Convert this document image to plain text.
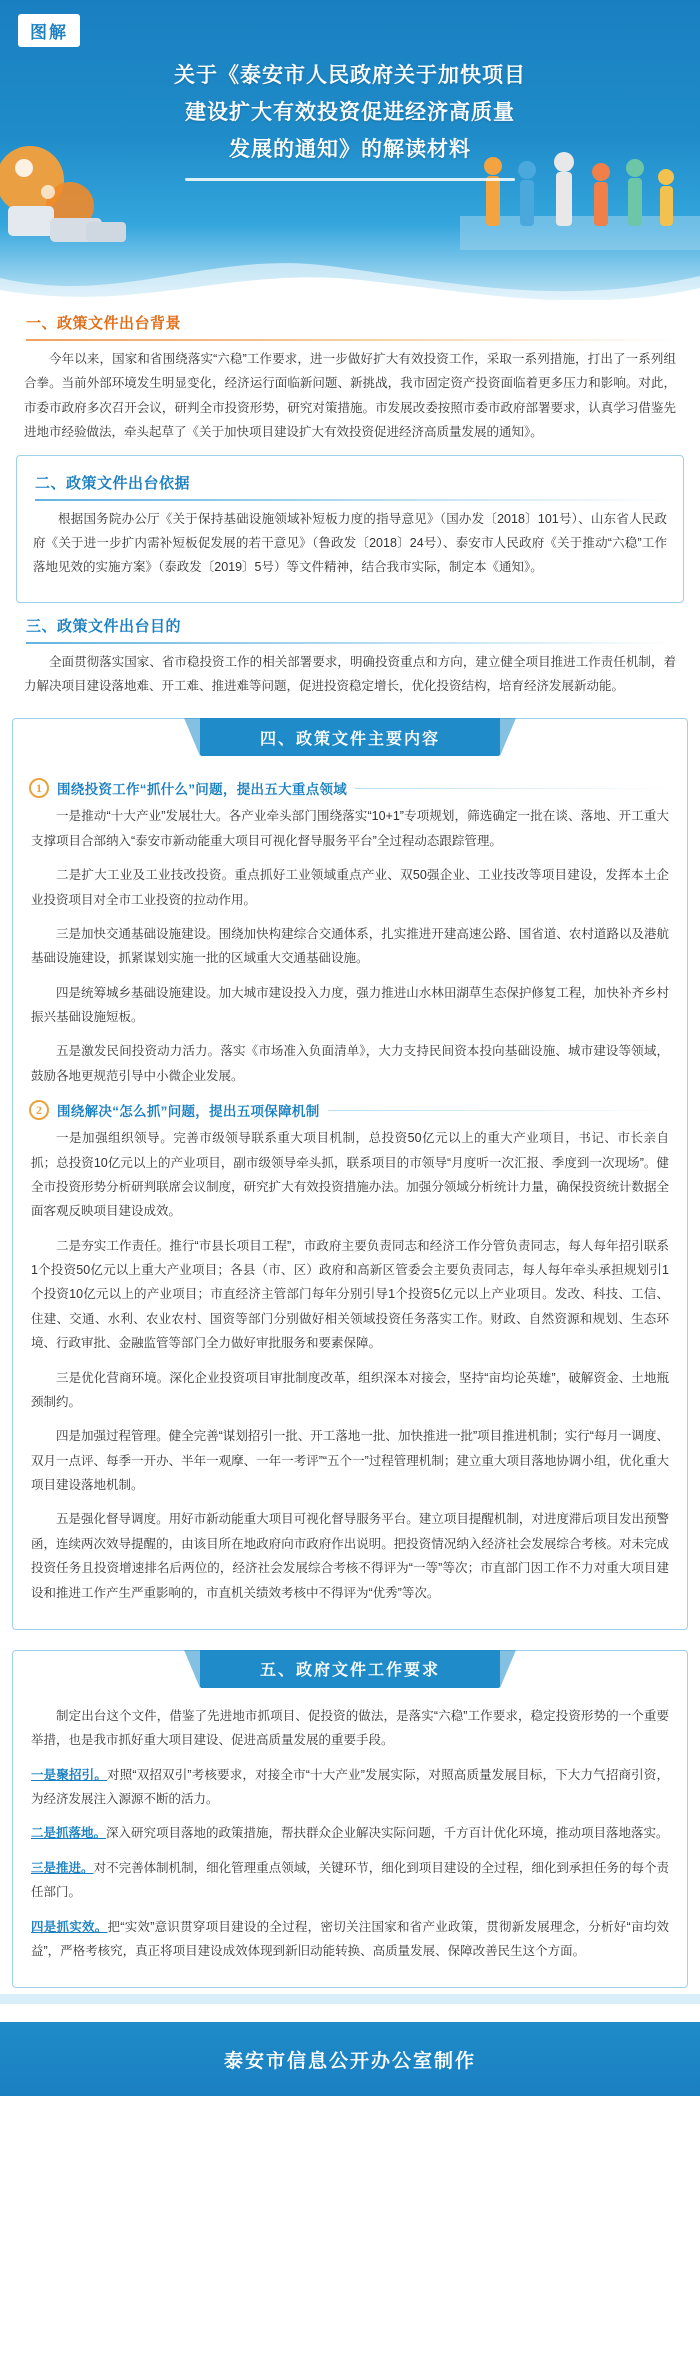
图解
关于《泰安市人民政府关于加快项目
建设扩大有效投资促进经济高质量
发展的通知》的解读材料
一、政策文件出台背景
今年以来，国家和省围绕落实“六稳”工作要求，进一步做好扩大有效投资工作，采取一系列措施，打出了一系列组合拳。当前外部环境发生明显变化，经济运行面临新问题、新挑战，我市固定资产投资面临着更多压力和影响。对此，市委市政府多次召开会议，研判全市投资形势，研究对策措施。市发展改委按照市委市政府部署要求，认真学习借鉴先进地市经验做法，牵头起草了《关于加快项目建设扩大有效投资促进经济高质量发展的通知》。
二、政策文件出台依据
根据国务院办公厅《关于保持基础设施领域补短板力度的指导意见》（国办发〔2018〕101号）、山东省人民政府《关于进一步扩内需补短板促发展的若干意见》（鲁政发〔2018〕24号）、泰安市人民政府《关于推动“六稳”工作落地见效的实施方案》（泰政发〔2019〕5号）等文件精神，结合我市实际，制定本《通知》。
三、政策文件出台目的
全面贯彻落实国家、省市稳投资工作的相关部署要求，明确投资重点和方向，建立健全项目推进工作责任机制，着力解决项目建设落地难、开工难、推进难等问题，促进投资稳定增长，优化投资结构，培育经济发展新动能。
四、政策文件主要内容
1	围绕投资工作“抓什么”问题，提出五大重点领域
一是推动“十大产业”发展壮大。各产业牵头部门围绕落实“10+1”专项规划，筛选确定一批在谈、落地、开工重大支撑项目合部纳入“泰安市新动能重大项目可视化督导服务平台”全过程动态跟踪管理。
二是扩大工业及工业技改投资。重点抓好工业领域重点产业、双50强企业、工业技改等项目建设，发挥本土企业投资项目对全市工业投资的拉动作用。
三是加快交通基础设施建设。围绕加快构建综合交通体系，扎实推进开建高速公路、国省道、农村道路以及港航基础设施建设，抓紧谋划实施一批的区域重大交通基础设施。
四是统筹城乡基础设施建设。加大城市建设投入力度，强力推进山水林田湖草生态保护修复工程，加快补齐乡村振兴基础设施短板。
五是激发民间投资动力活力。落实《市场准入负面清单》，大力支持民间资本投向基础设施、城市建设等领域，鼓励各地更规范引导中小微企业发展。
2	围绕解决“怎么抓”问题，提出五项保障机制
一是加强组织领导。完善市级领导联系重大项目机制，总投资50亿元以上的重大产业项目，书记、市长亲自抓；总投资10亿元以上的产业项目，副市级领导牵头抓，联系项目的市领导“月度听一次汇报、季度到一次现场”。健全市投资形势分析研判联席会议制度，研究扩大有效投资措施办法。加强分领域分析统计力量，确保投资统计数据全面客观反映项目建设成效。
二是夯实工作责任。推行“市县长项目工程”，市政府主要负责同志和经济工作分管负责同志，每人每年招引联系1个投资50亿元以上重大产业项目；各县（市、区）政府和高新区管委会主要负责同志，每人每年牵头承担规划引1个投资10亿元以上的产业项目；市直经济主管部门每年分别引导1个投资5亿元以上产业项目。发改、科技、工信、住建、交通、水利、农业农村、国资等部门分别做好相关领域投资任务落实工作。财政、自然资源和规划、生态环境、行政审批、金融监管等部门全力做好审批服务和要素保障。
三是优化营商环境。深化企业投资项目审批制度改革，组织深本对接会，坚持“亩均论英雄”，破解资金、土地瓶颈制约。
四是加强过程管理。健全完善“谋划招引一批、开工落地一批、加快推进一批”项目推进机制；实行“每月一调度、双月一点评、每季一开办、半年一观摩、一年一考评”“五个一”过程管理机制；建立重大项目落地协调小组，优化重大项目建设落地机制。
五是强化督导调度。用好市新动能重大项目可视化督导服务平台。建立项目提醒机制，对进度滞后项目发出预警函，连续两次效导提醒的，由该目所在地政府向市政府作出说明。把投资情况纳入经济社会发展综合考核。对未完成投资任务且投资增速排名后两位的，经济社会发展综合考核不得评为“一等”等次；市直部门因工作不力对重大项目建设和推进工作产生严重影响的，市直机关绩效考核中不得评为“优秀”等次。
五、政府文件工作要求
制定出台这个文件，借鉴了先进地市抓项目、促投资的做法，是落实“六稳”工作要求，稳定投资形势的一个重要举措，也是我市抓好重大项目建设、促进高质量发展的重要手段。
一是聚招引。对照“双招双引”考核要求，对接全市“十大产业”发展实际，对照高质量发展目标，下大力气招商引资，为经济发展注入源源不断的活力。
二是抓落地。深入研究项目落地的政策措施，帮扶群众企业解决实际问题，千方百计优化环境，推动项目落地落实。
三是推进。对不完善体制机制，细化管理重点领域，关键环节，细化到项目建设的全过程，细化到承担任务的每个责任部门。
四是抓实效。把“实效”意识贯穿项目建设的全过程，密切关注国家和省产业政策，贯彻新发展理念，分析好“亩均效益”，严格考核究，真正将项目建设成效体现到新旧动能转换、高质量发展、保障改善民生这个方面。
泰安市信息公开办公室制作
